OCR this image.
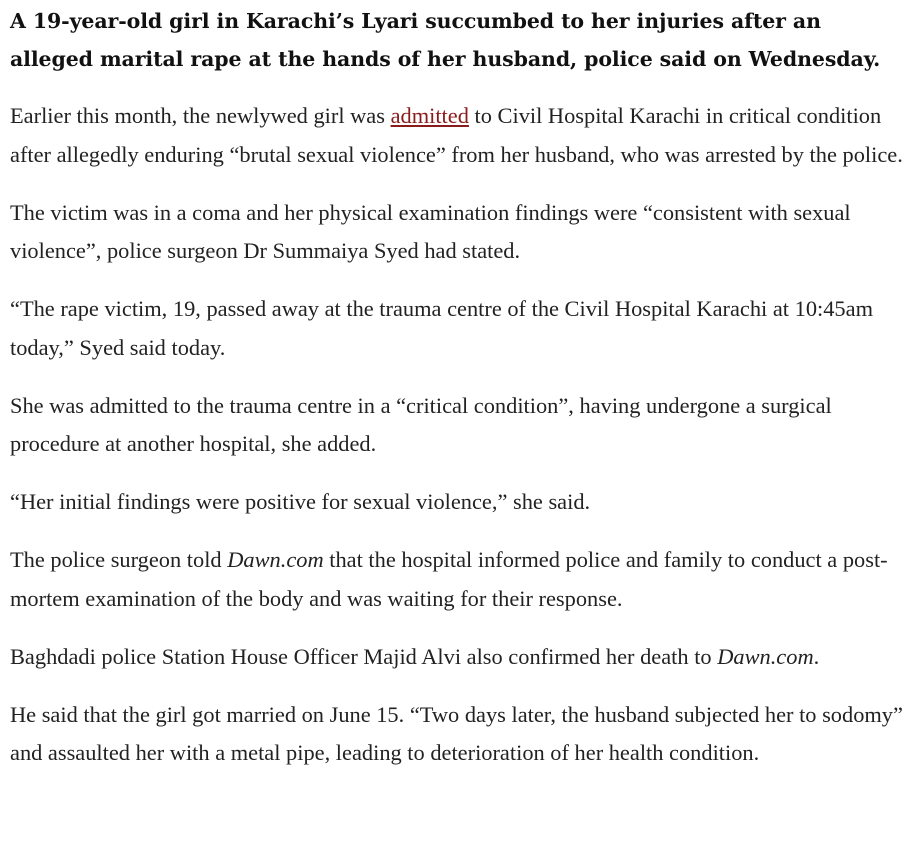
A 19-year-old girl in Karachi’s Lyari succumbed to her injuries after an alleged marital rape at the hands of her husband, police said on Wednesday.

Earlier this month, the newlywed girl was admitted to Civil Hospital Karachi in critical condition after allegedly enduring “brutal sexual violence” from her husband, who was arrested by the police.

The victim was in a coma and her physical examination findings were “consistent with sexual violence”, police surgeon Dr Summaiya Syed had stated.

“The rape victim, 19, passed away at the trauma centre of the Civil Hospital Karachi at 10:45am today,” Syed said today.

She was admitted to the trauma centre in a “critical condition”, having undergone a surgical procedure at another hospital, she added.

“Her initial findings were positive for sexual violence,” she said.

The police surgeon told Dawn.com that the hospital informed police and family to conduct a post-mortem examination of the body and was waiting for their response.

Baghdadi police Station House Officer Majid Alvi also confirmed her death to Dawn.com.

He said that the girl got married on June 15. “Two days later, the husband subjected her to sodomy” and assaulted her with a metal pipe, leading to deterioration of her health condition.
